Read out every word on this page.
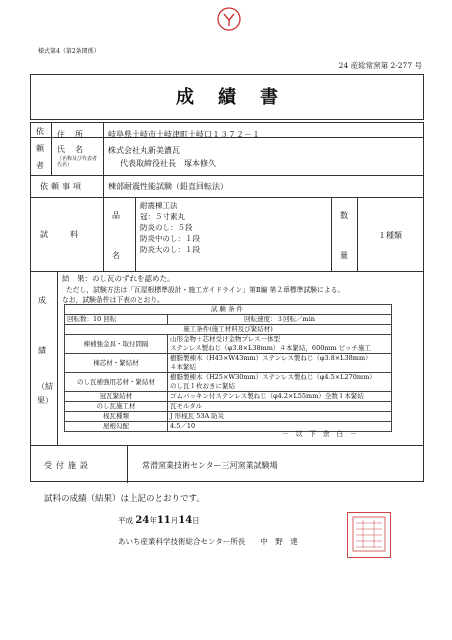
様式第4（第2条関係）
24 産総常窯第 2-277 号
成績書
依
頼
者
住所 岐阜県土岐市土岐津町土岐口１３７２－１
氏名
（名称及び代表者氏名）
株式会社丸新美濃瓦
代表取締役社長　塚本修久
依頼事項	棟部耐震性能試験（鉛直回転法）
試料
品
名
耐震棟工法
冠：５寸素丸
防炎のし：５段
防炎中のし：１段
防炎大のし：１段
数
量
１種類
成
績
（結
果）
結　果：のし瓦のずれを認めた。
ただし，試験方法は「瓦屋根標準設計・施工ガイドライン」第Ⅱ編 第２章標準試験による。
なお，試験条件は下表のとおり。
試験条件	
回転数：10 回転	回転速度：３回転／min
施工条件(施工材料及び緊結材)	
棟補強金具・取付間隔	山形金物＋芯材受け金物プレス一体型
	ステンレス製ねじ（φ3.8×L38mm）４本緊結，600mm ピッチ施工
棟芯材・緊結材	樹脂製棟木（H43×W43mm）ステンレス製ねじ（φ3.8×L38mm）
	４本緊結
のし瓦補強用芯材・緊結材	樹脂製棟木（H25×W30mm）ステンレス製ねじ（φ4.5×L270mm）
	のし瓦１枚おきに緊結
冠瓦緊結材	ゴムパッキン付ステンレス製ねじ（φ4.2×L55mm）全数１本緊結
のし瓦施工材	瓦モルタル
桟瓦種類	J 形桟瓦 53A 防災
屋根勾配	4.5／10
－　以　下　余　白　－
受付施設	常滑窯業技術センター三河窯業試験場
試料の成績（結果）は上記のとおりです。
平成 24年11月14日
あいち産業科学技術総合センター所長　　中　野　達
